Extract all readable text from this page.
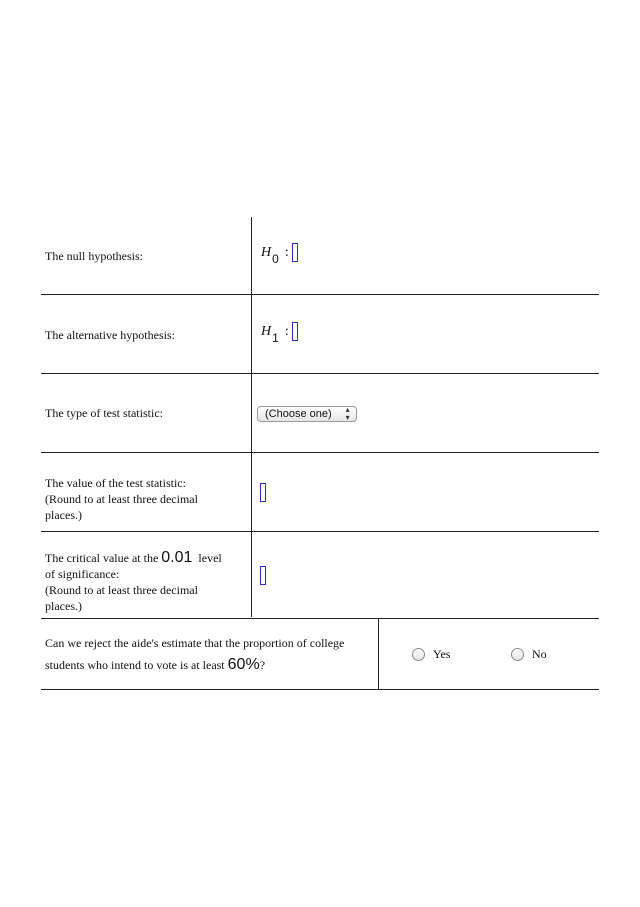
The null hypothesis:	$H_0$ :
The alternative hypothesis:	$H_1$ :
The type of test statistic:	(Choose one) ▴
▾
The value of the test statistic:
(Round to at least three decimal
places.)
The critical value at the 0.01 level
of significance:
(Round to at least three decimal
places.)
Can we reject the aide's estimate that the proportion of college
students who intend to vote is at least 60%?
Yes	No
